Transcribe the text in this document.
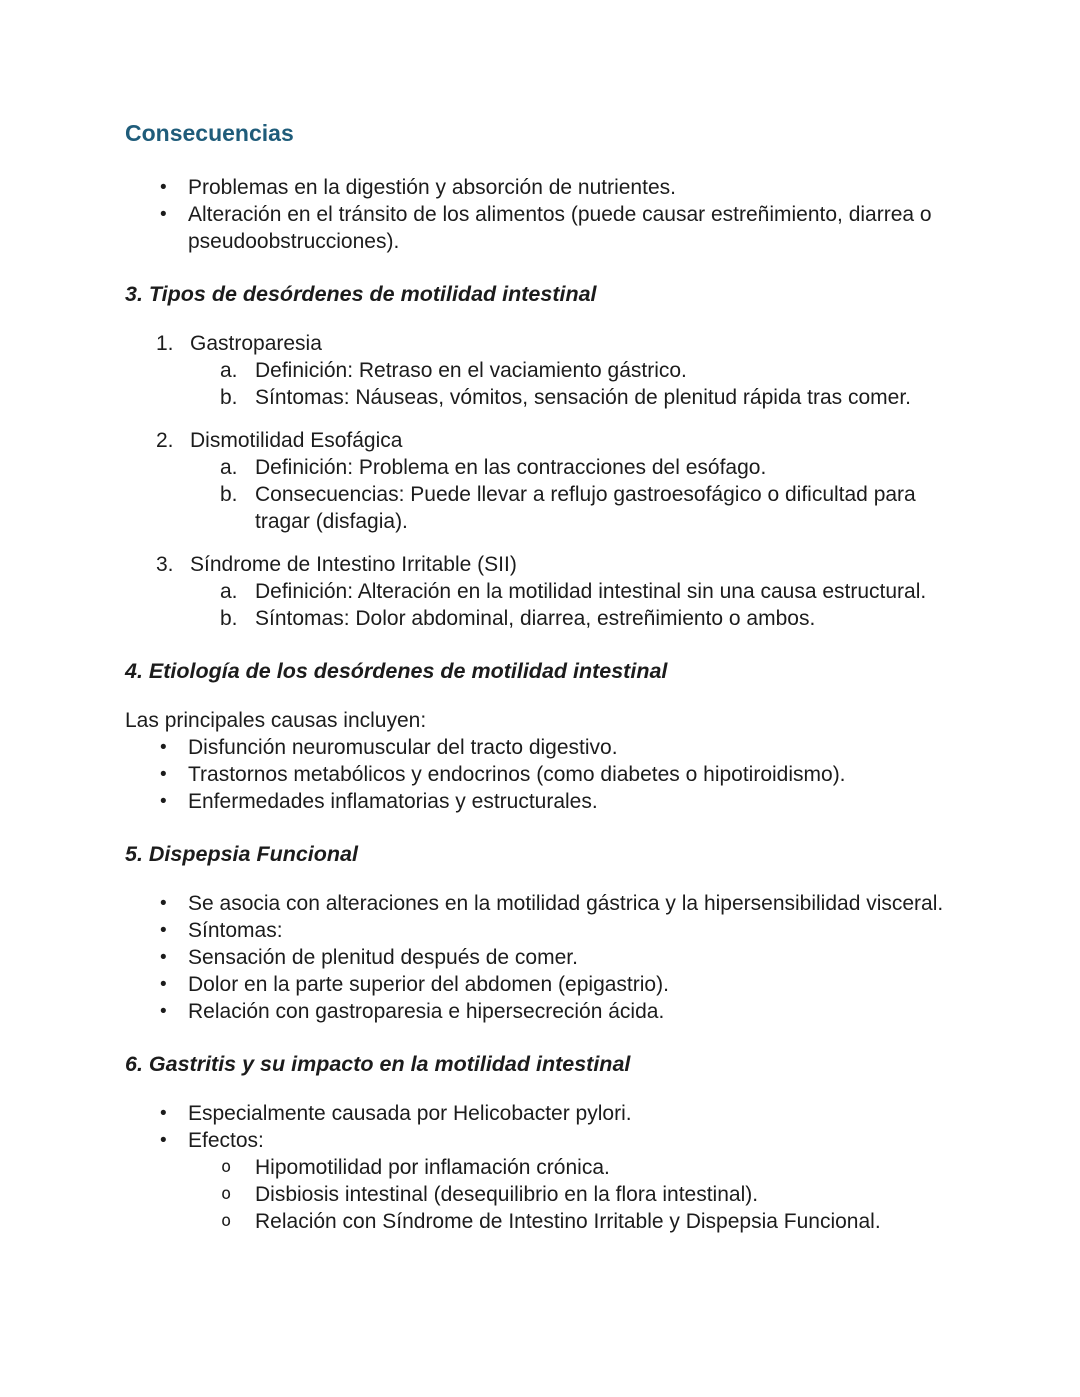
Consecuencias
•	Problemas en la digestión y absorción de nutrientes.
•	Alteración en el tránsito de los alimentos (puede causar estreñimiento, diarrea o pseudoobstrucciones).
3. Tipos de desórdenes de motilidad intestinal
1. Gastroparesia
a. Definición: Retraso en el vaciamiento gástrico.
b. Síntomas: Náuseas, vómitos, sensación de plenitud rápida tras comer.
2. Dismotilidad Esofágica
a. Definición: Problema en las contracciones del esófago.
b. Consecuencias: Puede llevar a reflujo gastroesofágico o dificultad para tragar (disfagia).
3. Síndrome de Intestino Irritable (SII)
a. Definición: Alteración en la motilidad intestinal sin una causa estructural.
b. Síntomas: Dolor abdominal, diarrea, estreñimiento o ambos.
4. Etiología de los desórdenes de motilidad intestinal

Las principales causas incluyen:

•	Disfunción neuromuscular del tracto digestivo.
•	Trastornos metabólicos y endocrinos (como diabetes o hipotiroidismo).
•	Enfermedades inflamatorias y estructurales.
5. Dispepsia Funcional
•	Se asocia con alteraciones en la motilidad gástrica y la hipersensibilidad visceral.
•	Síntomas:
•	Sensación de plenitud después de comer.
•	Dolor en la parte superior del abdomen (epigastrio).
•	Relación con gastroparesia e hipersecreción ácida.
6. Gastritis y su impacto en la motilidad intestinal
•	Especialmente causada por Helicobacter pylori.
•	Efectos:
o	Hipomotilidad por inflamación crónica.
o	Disbiosis intestinal (desequilibrio en la flora intestinal).
o	Relación con Síndrome de Intestino Irritable y Dispepsia Funcional.
